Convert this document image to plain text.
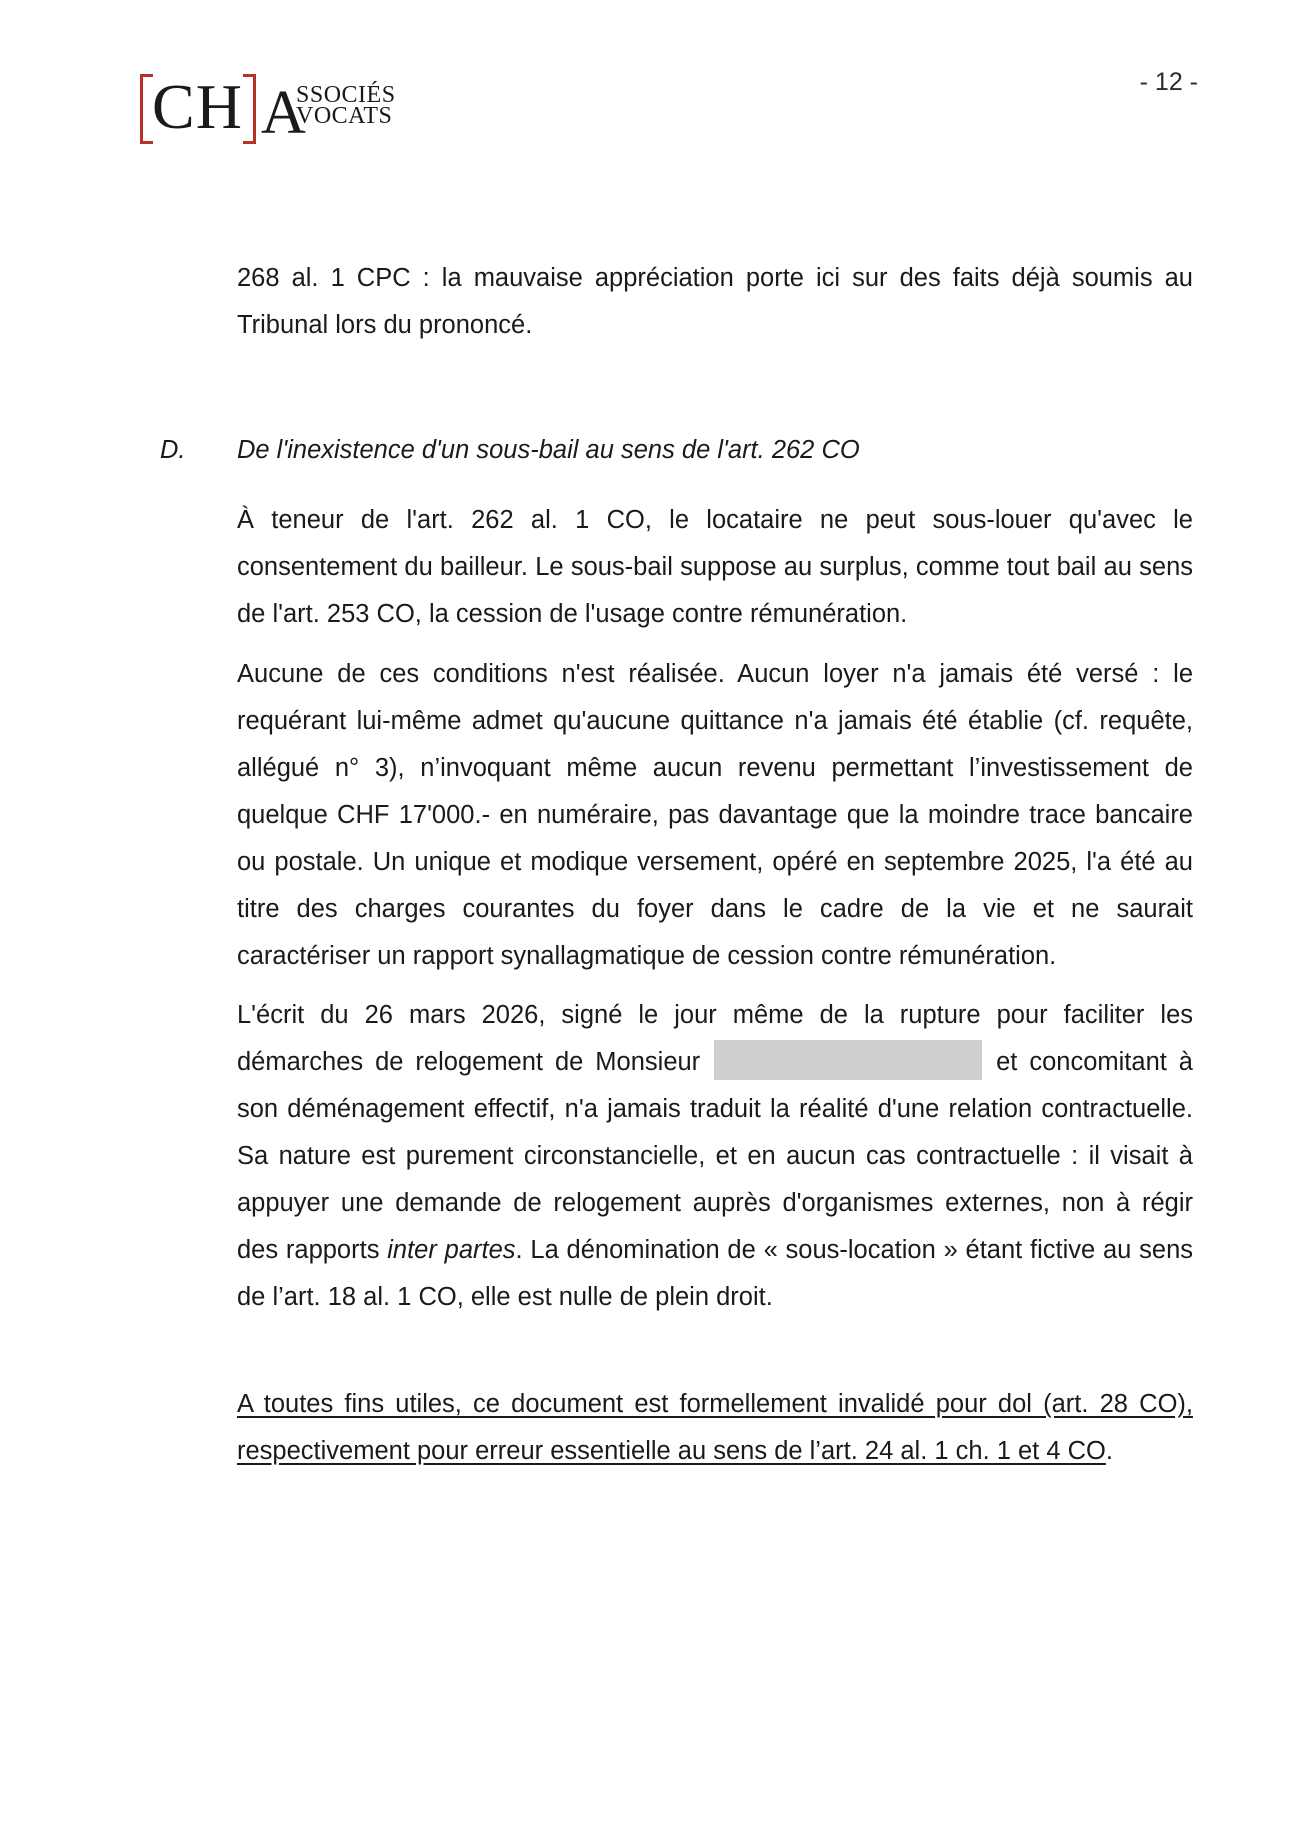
CH A
SSOCIÉS
VOCATS
- 12 -

268 al. 1 CPC : la mauvaise appréciation porte ici sur des faits déjà soumis au Tribunal lors du prononcé.

D. De l'inexistence d'un sous-bail au sens de l'art. 262 CO

À teneur de l'art. 262 al. 1 CO, le locataire ne peut sous-louer qu'avec le consentement du bailleur. Le sous-bail suppose au surplus, comme tout bail au sens de l'art. 253 CO, la cession de l'usage contre rémunération.

Aucune de ces conditions n'est réalisée. Aucun loyer n'a jamais été versé : le requérant lui-même admet qu'aucune quittance n'a jamais été établie (cf. requête, allégué n° 3), n’invoquant même aucun revenu permettant l’investissement de quelque CHF 17'000.- en numéraire, pas davantage que la moindre trace bancaire ou postale. Un unique et modique versement, opéré en septembre 2025, l'a été au titre des charges courantes du foyer dans le cadre de la vie et ne saurait caractériser un rapport synallagmatique de cession contre rémunération.

L'écrit du 26 mars 2026, signé le jour même de la rupture pour faciliter les démarches de relogement de Monsieur	et concomitant à son déménagement effectif, n'a jamais traduit la réalité d'une relation contractuelle. Sa nature est purement circonstancielle, et en aucun cas contractuelle : il visait à appuyer une demande de relogement auprès d'organismes externes, non à régir des rapports inter partes. La dénomination de « sous-location » étant fictive au sens de l’art. 18 al. 1 CO, elle est nulle de plein droit.

A toutes fins utiles, ce document est formellement invalidé pour dol (art. 28 CO), respectivement pour erreur essentielle au sens de l’art. 24 al. 1 ch. 1 et 4 CO.
